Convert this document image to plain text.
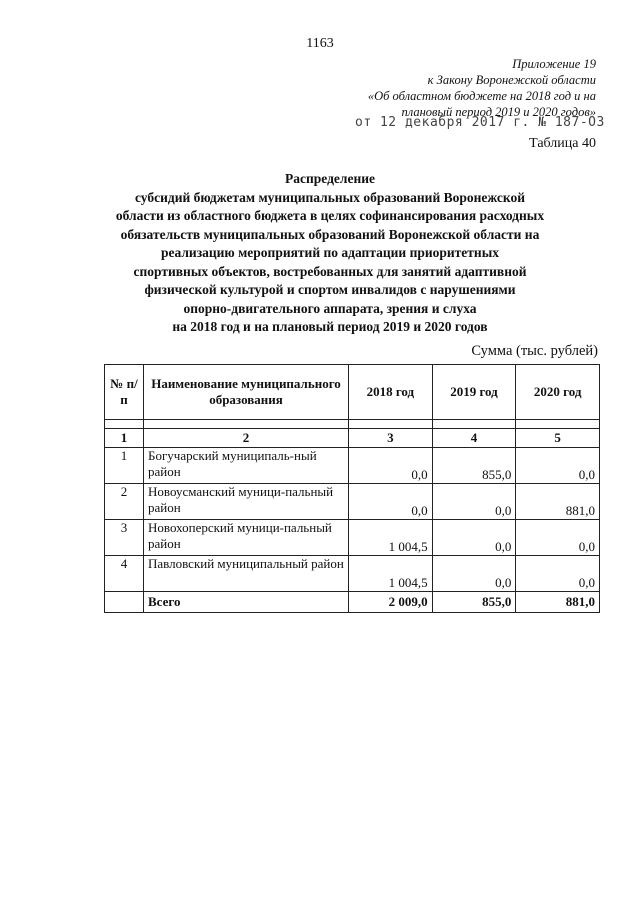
1163
Приложение 19
к Закону Воронежской области
«Об областном бюджете на 2018 год и на
плановый период 2019 и 2020 годов»
от 12 декабря 2017 г. № 187-ОЗ
Таблица 40
Распределение
субсидий бюджетам муниципальных образований Воронежской
области из областного бюджета в целях софинансирования расходных
обязательств муниципальных образований Воронежской области на
реализацию мероприятий по адаптации приоритетных
спортивных объектов, востребованных для занятий адаптивной
физической культурой и спортом инвалидов с нарушениями
опорно-двигательного аппарата, зрения и слуха
на 2018 год и на плановый период 2019 и 2020 годов
Сумма (тыс. рублей)
№ п/п	Наименование муниципального образования	2018 год	2019 год	2020 год

1	2	3	4	5
1	Богучарский муниципаль-ный район	0,0	855,0	0,0
2	Новоусманский муници-пальный район	0,0	0,0	881,0
3	Новохоперский муници-пальный район	1 004,5	0,0	0,0
4	Павловский муниципальный район	1 004,5	0,0	0,0
	Всего	2 009,0	855,0	881,0
